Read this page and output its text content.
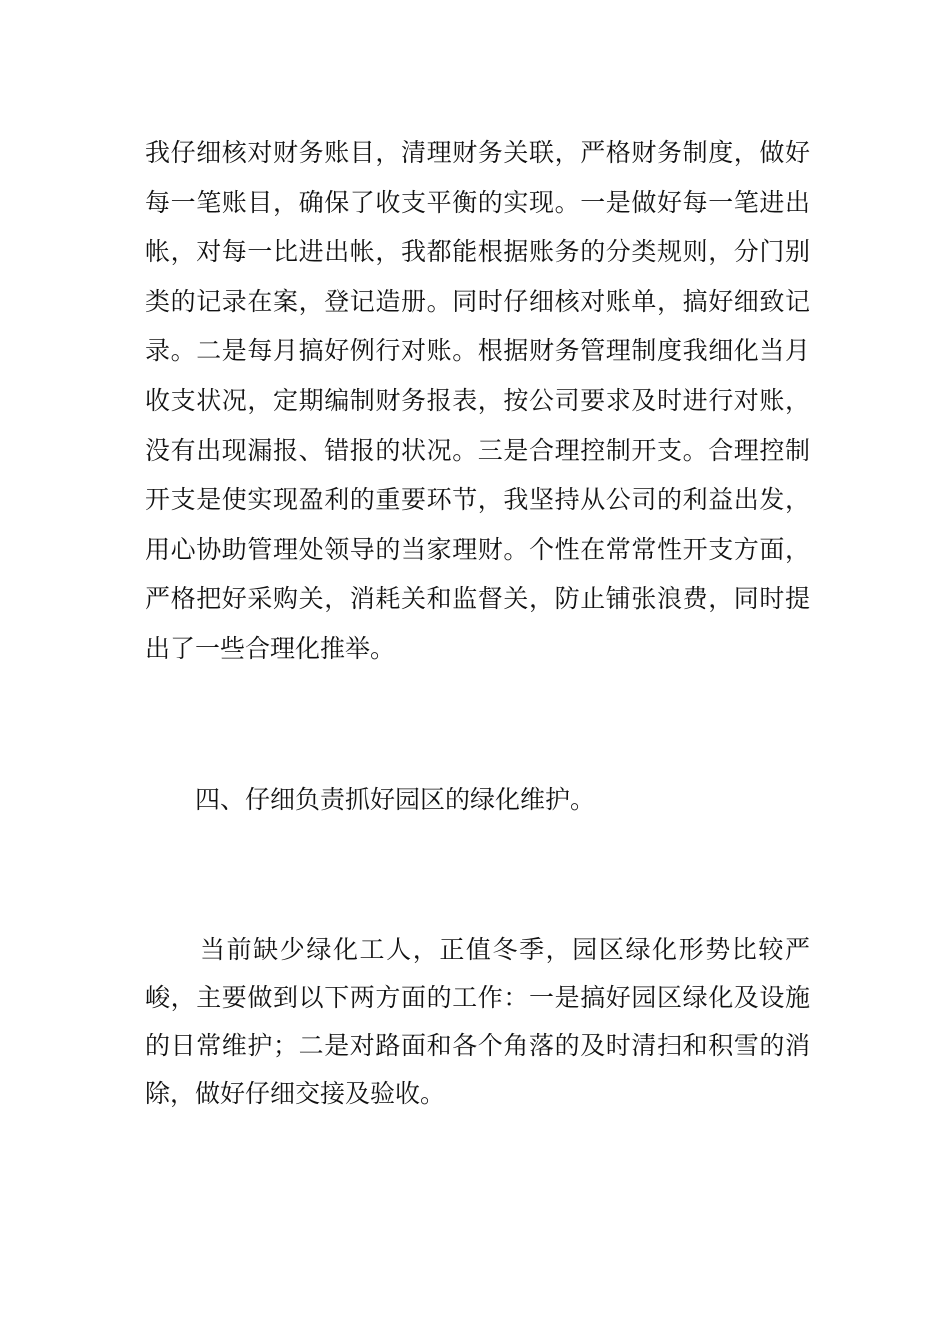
我仔细核对财务账目，清理财务关联，严格财务制度，做好每一笔账目，确保了收支平衡的实现。一是做好每一笔进出帐，对每一比进出帐，我都能根据账务的分类规则，分门别类的记录在案，登记造册。同时仔细核对账单，搞好细致记录。二是每月搞好例行对账。根据财务管理制度我细化当月收支状况，定期编制财务报表，按公司要求及时进行对账，没有出现漏报、错报的状况。三是合理控制开支。合理控制开支是使实现盈利的重要环节，我坚持从公司的利益出发，用心协助管理处领导的当家理财。个性在常常性开支方面，严格把好采购关，消耗关和监督关，防止铺张浪费，同时提出了一些合理化推举。

四、仔细负责抓好园区的绿化维护。

当前缺少绿化工人，正值冬季，园区绿化形势比较严峻，主要做到以下两方面的工作：一是搞好园区绿化及设施的日常维护；二是对路面和各个角落的及时清扫和积雪的消除，做好仔细交接及验收。
